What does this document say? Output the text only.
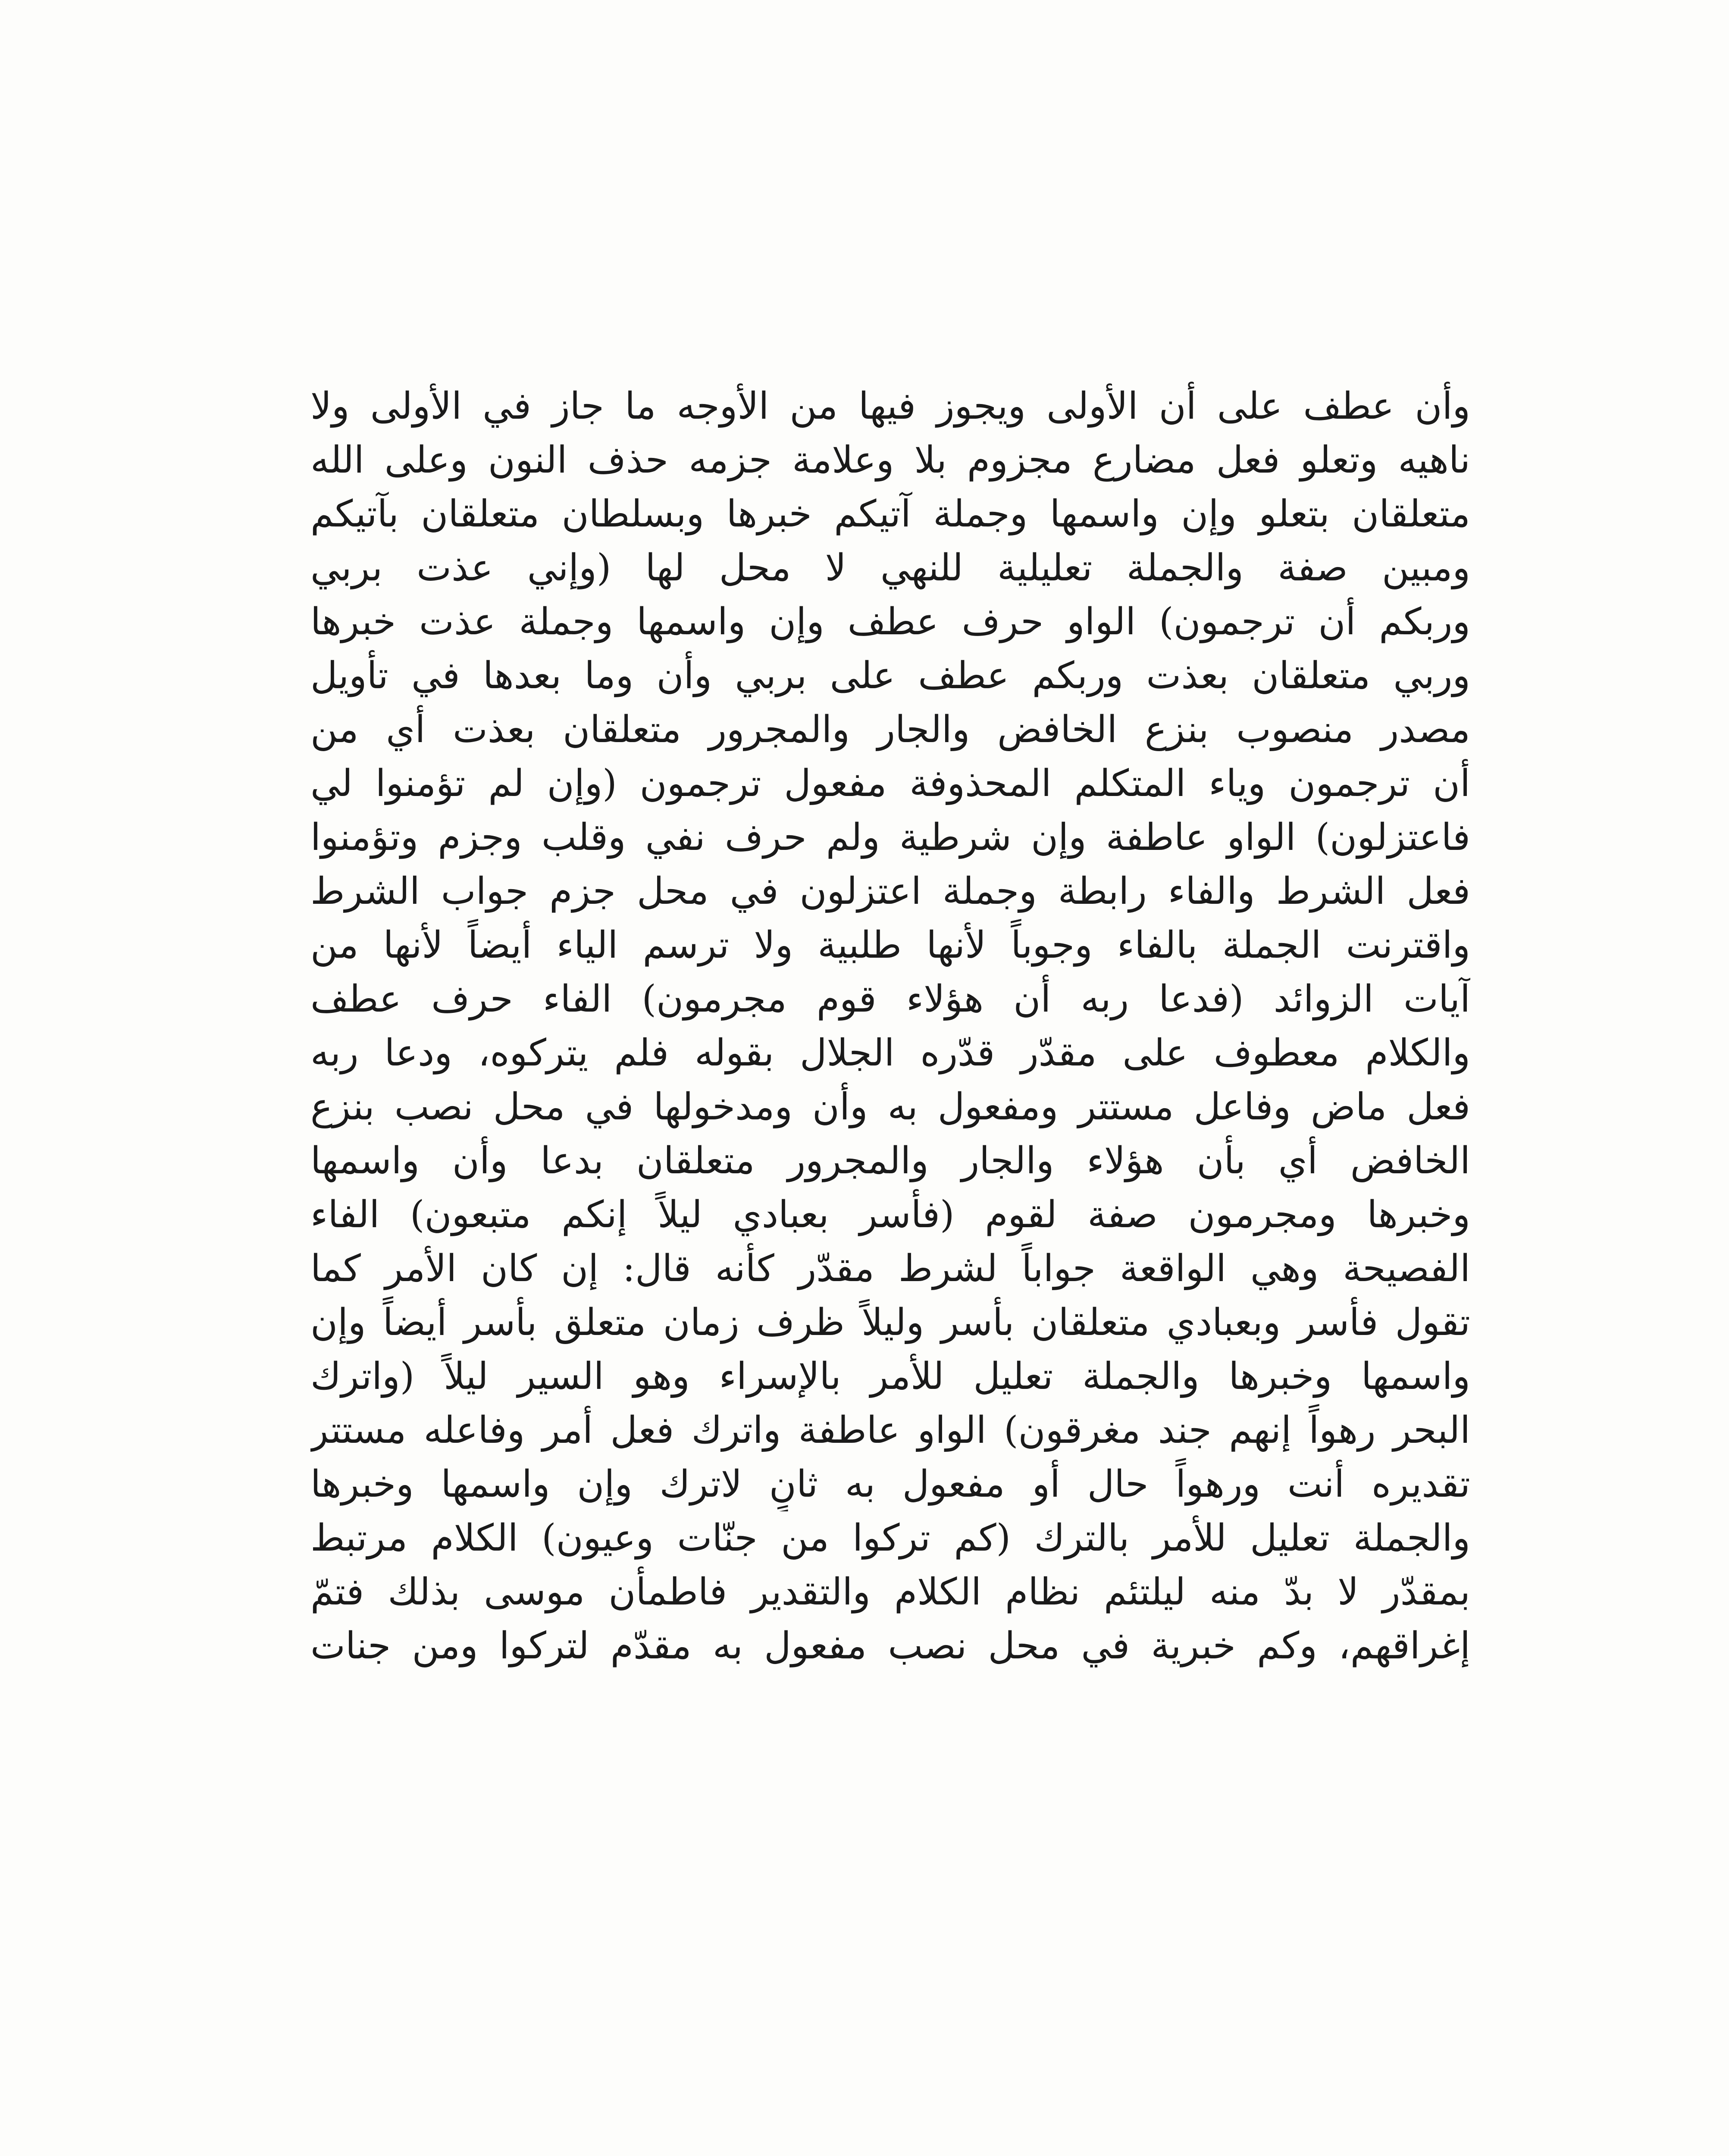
وأن عطف على أن الأولى ويجوز فيها من الأوجه ما جاز في الأولى ولا
ناهيه وتعلو فعل مضارع مجزوم بلا وعلامة جزمه حذف النون وعلى الله
متعلقان بتعلو وإن واسمها وجملة آتيكم خبرها وبسلطان متعلقان بآتيكم
ومبين صفة والجملة تعليلية للنهي لا محل لها (وإني عذت بربي
وربكم أن ترجمون) الواو حرف عطف وإن واسمها وجملة عذت خبرها
وربي متعلقان بعذت وربكم عطف على بربي وأن وما بعدها في تأويل
مصدر منصوب بنزع الخافض والجار والمجرور متعلقان بعذت أي من
أن ترجمون وياء المتكلم المحذوفة مفعول ترجمون (وإن لم تؤمنوا لي
فاعتزلون) الواو عاطفة وإن شرطية ولم حرف نفي وقلب وجزم وتؤمنوا
فعل الشرط والفاء رابطة وجملة اعتزلون في محل جزم جواب الشرط
واقترنت الجملة بالفاء وجوباً لأنها طلبية ولا ترسم الياء أيضاً لأنها من
آيات الزوائد (فدعا ربه أن هؤلاء قوم مجرمون) الفاء حرف عطف
والكلام معطوف على مقدّر قدّره الجلال بقوله فلم يتركوه، ودعا ربه
فعل ماض وفاعل مستتر ومفعول به وأن ومدخولها في محل نصب بنزع
الخافض أي بأن هؤلاء والجار والمجرور متعلقان بدعا وأن واسمها
وخبرها ومجرمون صفة لقوم (فأسر بعبادي ليلاً إنكم متبعون) الفاء
الفصيحة وهي الواقعة جواباً لشرط مقدّر كأنه قال: إن كان الأمر كما
تقول فأسر وبعبادي متعلقان بأسر وليلاً ظرف زمان متعلق بأسر أيضاً وإن
واسمها وخبرها والجملة تعليل للأمر بالإسراء وهو السير ليلاً (واترك
البحر رهواً إنهم جند مغرقون) الواو عاطفة واترك فعل أمر وفاعله مستتر
تقديره أنت ورهواً حال أو مفعول به ثانٍ لاترك وإن واسمها وخبرها
والجملة تعليل للأمر بالترك (كم تركوا من جنّات وعيون) الكلام مرتبط
بمقدّر لا بدّ منه ليلتئم نظام الكلام والتقدير فاطمأن موسى بذلك فتمّ
إغراقهم، وكم خبرية في محل نصب مفعول به مقدّم لتركوا ومن جنات
